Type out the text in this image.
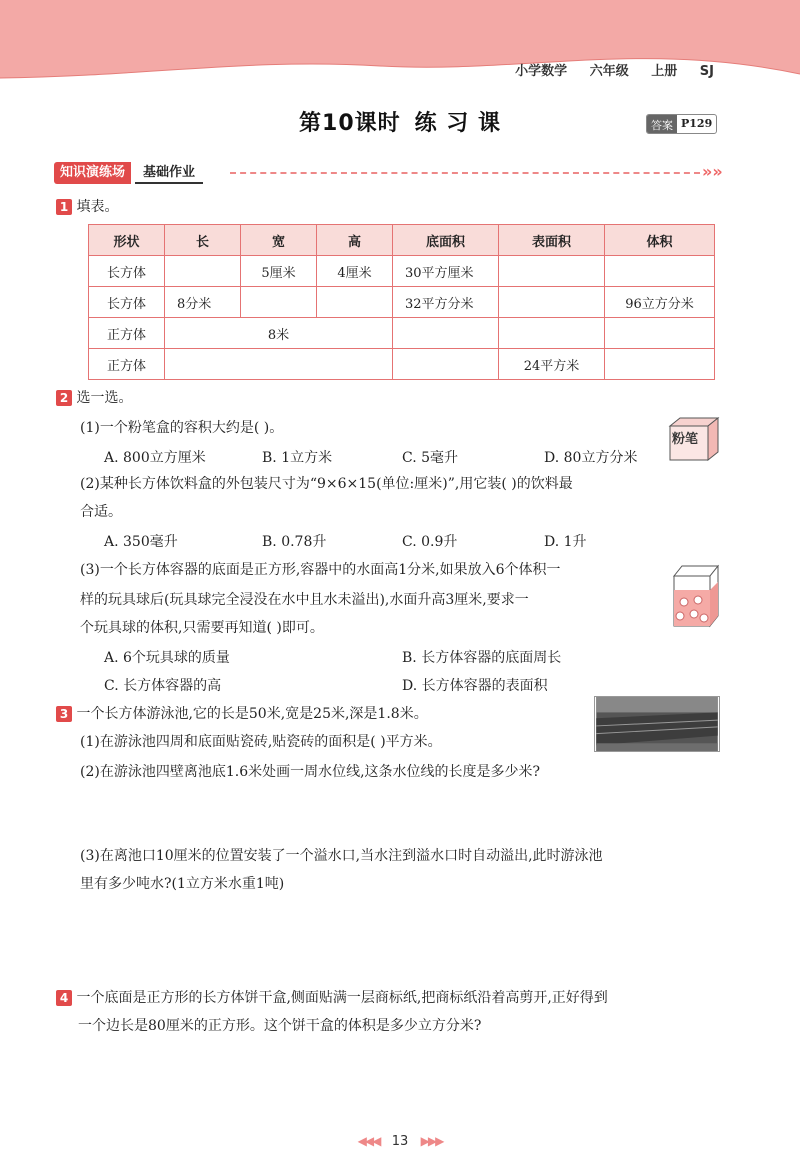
小学数学 六年级 上册 SJ
第10课时 练 习 课	答案 P129
知识演练场	基础作业	»»
1 填表。
形状	长	宽	高	底面积	表面积	体积
长方体		5厘米	4厘米	30平方厘米		
长方体	8分米			32平方分米		96立方分米
正方体	8米					
正方体					24平方米	
2 选一选。
(1)一个粉笔盒的容积大约是( )。
A. 800立方厘米	B. 1立方米	C. 5毫升	D. 80立方分米
粉笔
(2)某种长方体饮料盒的外包装尺寸为“9×6×15(单位:厘米)”,用它装( )的饮料最
合适。
A. 350毫升	B. 0.78升	C. 0.9升	D. 1升
(3)一个长方体容器的底面是正方形,容器中的水面高1分米,如果放入6个体积一
样的玩具球后(玩具球完全浸没在水中且水未溢出),水面升高3厘米,要求一
个玩具球的体积,只需要再知道( )即可。
A. 6个玩具球的质量	B. 长方体容器的底面周长
C. 长方体容器的高	D. 长方体容器的表面积
3 一个长方体游泳池,它的长是50米,宽是25米,深是1.8米。
(1)在游泳池四周和底面贴瓷砖,贴瓷砖的面积是( )平方米。
(2)在游泳池四壁离池底1.6米处画一周水位线,这条水位线的长度是多少米?
(3)在离池口10厘米的位置安装了一个溢水口,当水注到溢水口时自动溢出,此时游泳池
里有多少吨水?(1立方米水重1吨)
4 一个底面是正方形的长方体饼干盒,侧面贴满一层商标纸,把商标纸沿着高剪开,正好得到
一个边长是80厘米的正方形。这个饼干盒的体积是多少立方分米?
◀◀◀ 13 ▶▶▶
